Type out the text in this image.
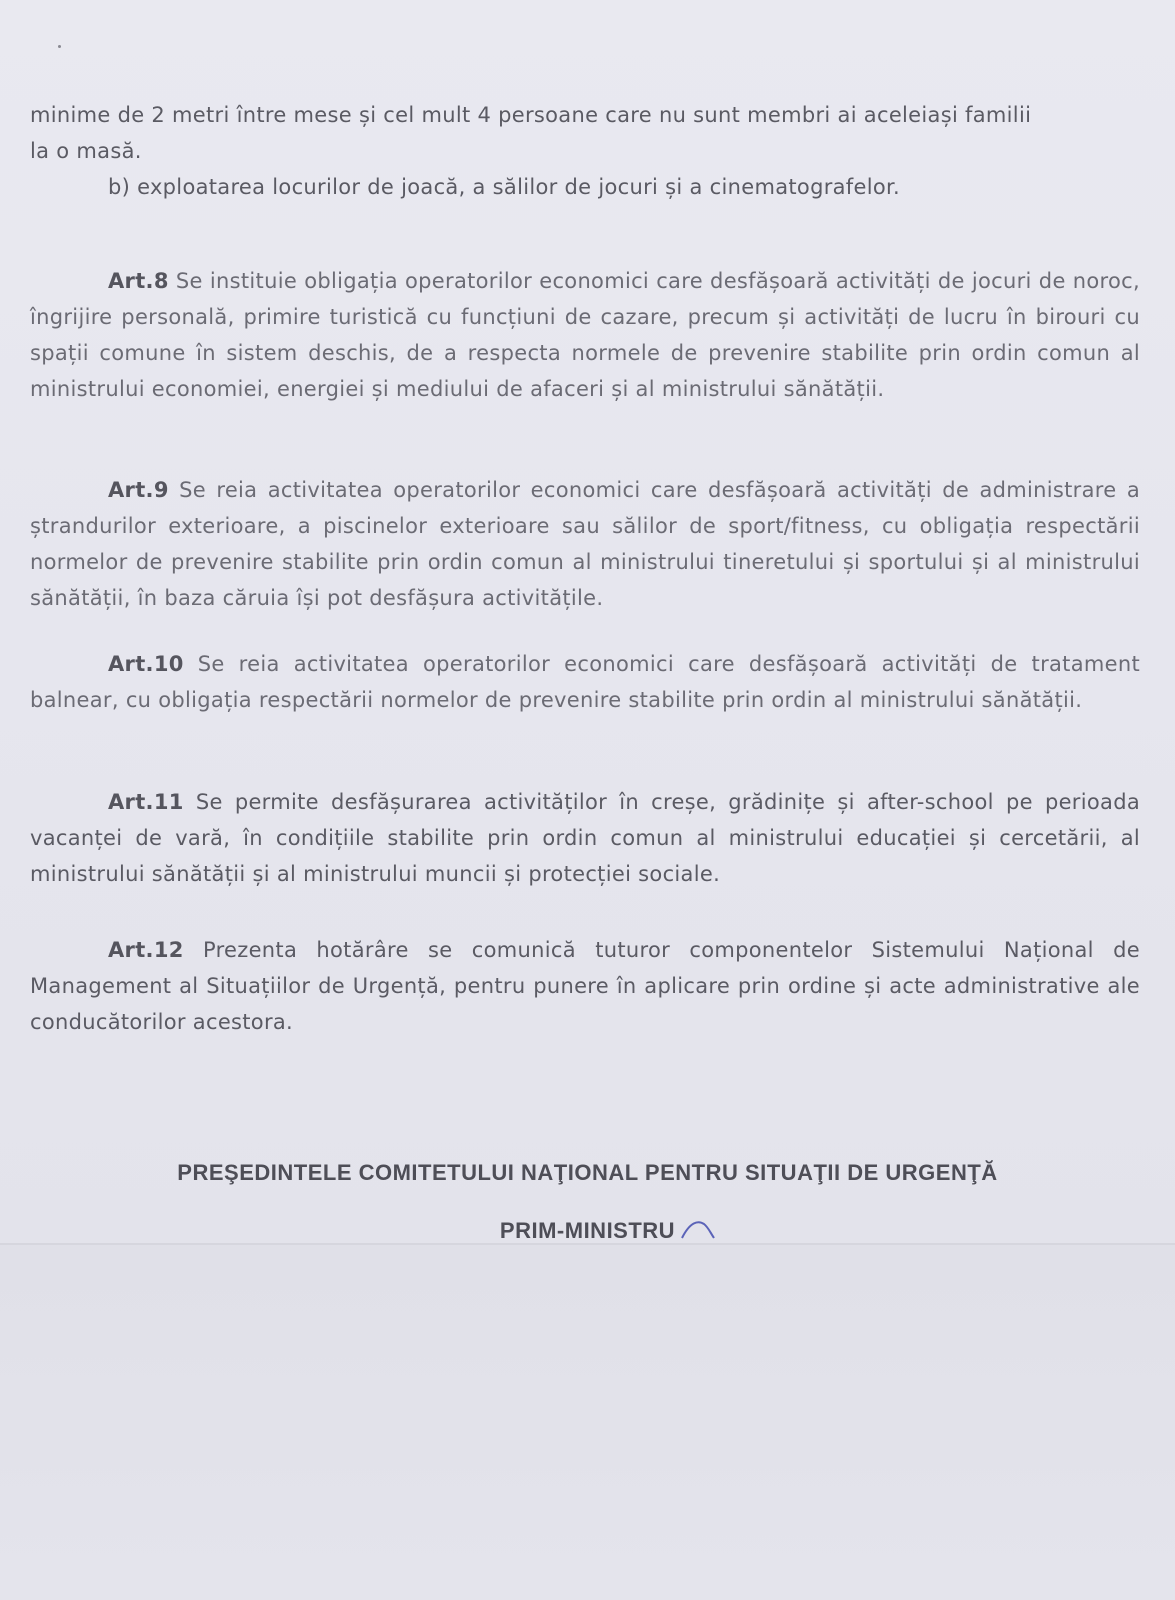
minime de 2 metri între mese și cel mult 4 persoane care nu sunt membri ai aceleiași familii

la o masă.

b) exploatarea locurilor de joacă, a sălilor de jocuri și a cinematografelor.

Art.8 Se instituie obligația operatorilor economici care desfășoară activități de jocuri de noroc, îngrijire personală, primire turistică cu funcțiuni de cazare, precum și activități de lucru în birouri cu spații comune în sistem deschis, de a respecta normele de prevenire stabilite prin ordin comun al ministrului economiei, energiei și mediului de afaceri și al ministrului sănătății.

Art.9 Se reia activitatea operatorilor economici care desfășoară activități de administrare a ștrandurilor exterioare, a piscinelor exterioare sau sălilor de sport/fitness, cu obligația respectării normelor de prevenire stabilite prin ordin comun al ministrului tineretului și sportului și al ministrului sănătății, în baza căruia își pot desfășura activitățile.

Art.10 Se reia activitatea operatorilor economici care desfășoară activități de tratament balnear, cu obligația respectării normelor de prevenire stabilite prin ordin al ministrului sănătății.

Art.11 Se permite desfășurarea activităților în creșe, grădinițe și after-school pe perioada vacanței de vară, în condițiile stabilite prin ordin comun al ministrului educației și cercetării, al ministrului sănătății și al ministrului muncii și protecției sociale.

Art.12 Prezenta hotărâre se comunică tuturor componentelor Sistemului Național de Management al Situațiilor de Urgență, pentru punere în aplicare prin ordine și acte administrative ale conducătorilor acestora.

PREŞEDINTELE COMITETULUI NAŢIONAL PENTRU SITUAŢII DE URGENŢĂ
PRIM-MINISTRU
